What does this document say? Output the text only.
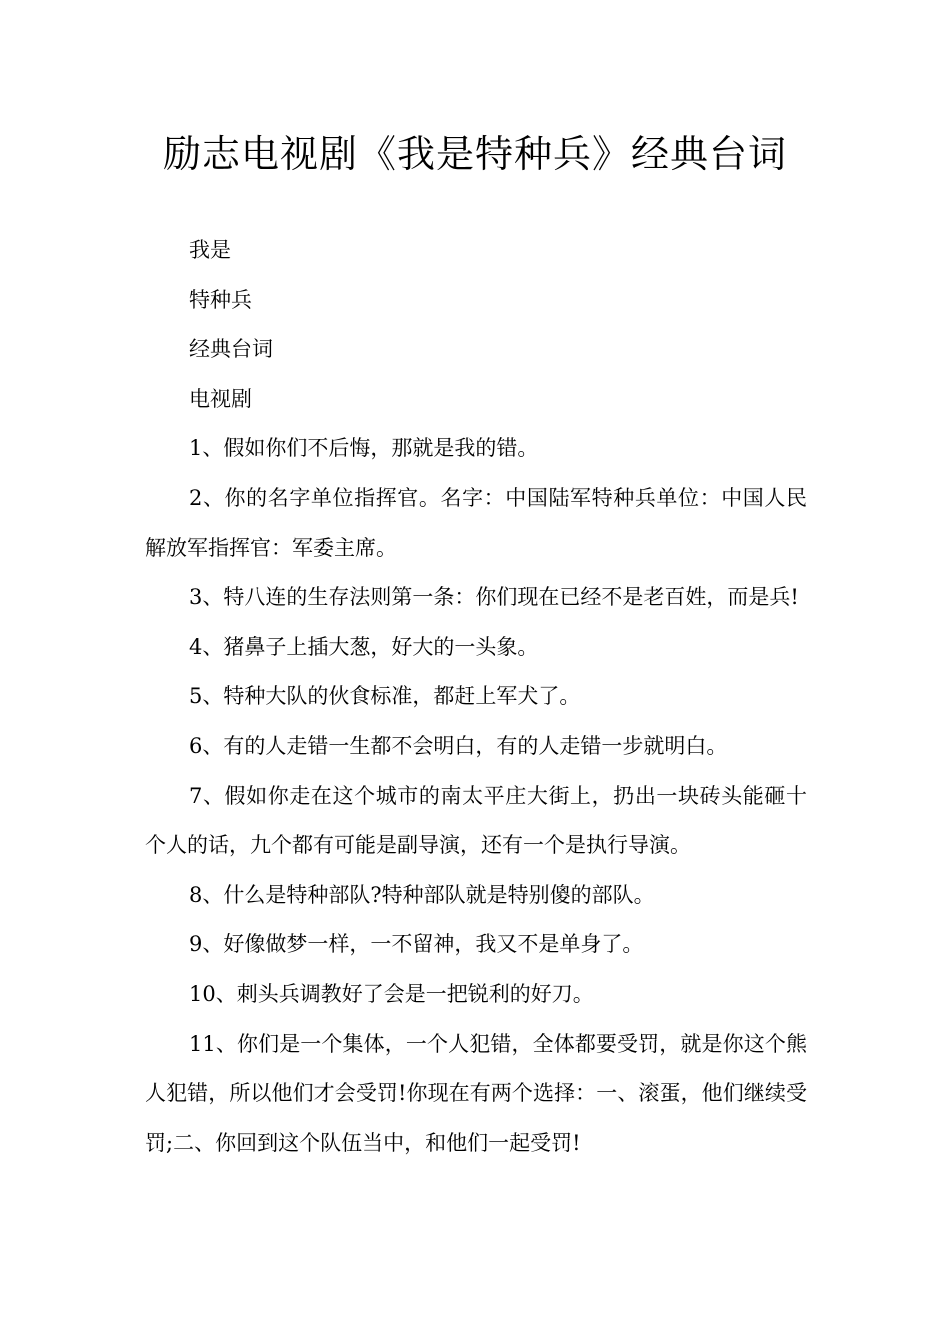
励志电视剧《我是特种兵》经典台词

我是

特种兵

经典台词

电视剧

1、假如你们不后悔，那就是我的错。

2、你的名字单位指挥官。名字：中国陆军特种兵单位：中国人民解放军指挥官：军委主席。

3、特八连的生存法则第一条：你们现在已经不是老百姓，而是兵!

4、猪鼻子上插大葱，好大的一头象。

5、特种大队的伙食标准，都赶上军犬了。

6、有的人走错一生都不会明白，有的人走错一步就明白。

7、假如你走在这个城市的南太平庄大街上，扔出一块砖头能砸十个人的话，九个都有可能是副导演，还有一个是执行导演。

8、什么是特种部队?特种部队就是特别傻的部队。

9、好像做梦一样，一不留神，我又不是单身了。

10、刺头兵调教好了会是一把锐利的好刀。

11、你们是一个集体，一个人犯错，全体都要受罚，就是你这个熊人犯错，所以他们才会受罚!你现在有两个选择：一、滚蛋，他们继续受罚;二、你回到这个队伍当中，和他们一起受罚!
